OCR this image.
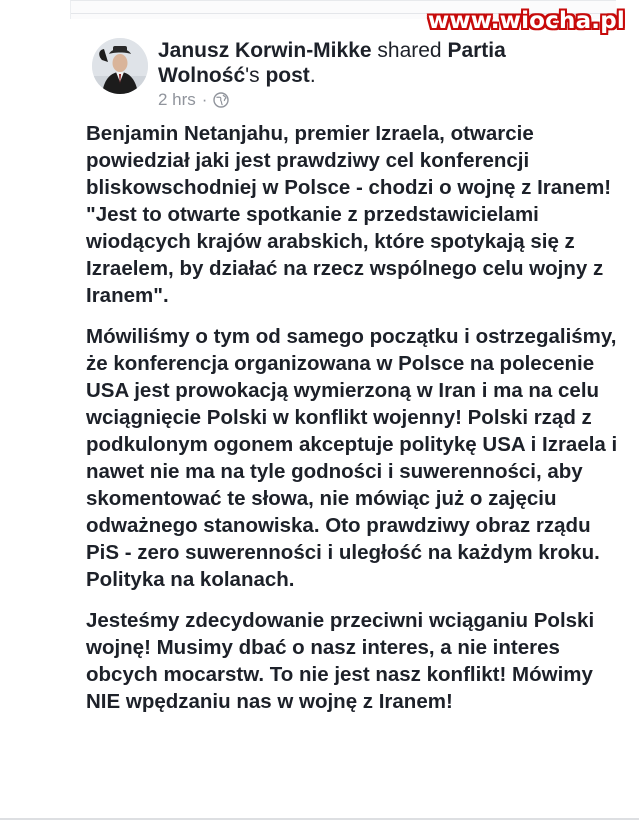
www.wiocha.pl
Janusz Korwin-Mikke shared Partia Wolność's post.
2 hrs ·

Benjamin Netanjahu, premier Izraela, otwarcie powiedział jaki jest prawdziwy cel konferencji bliskowschodniej w Polsce - chodzi o wojnę z Iranem! "Jest to otwarte spotkanie z przedstawicielami wiodących krajów arabskich, które spotykają się z Izraelem, by działać na rzecz wspólnego celu wojny z Iranem".

Mówiliśmy o tym od samego początku i ostrzegaliśmy, że konferencja organizowana w Polsce na polecenie USA jest prowokacją wymierzoną w Iran i ma na celu wciągnięcie Polski w konflikt wojenny! Polski rząd z podkulonym ogonem akceptuje politykę USA i Izraela i nawet nie ma na tyle godności i suwerenności, aby skomentować te słowa, nie mówiąc już o zajęciu odważnego stanowiska. Oto prawdziwy obraz rządu PiS - zero suwerenności i uległość na każdym kroku. Polityka na kolanach.

Jesteśmy zdecydowanie przeciwni wciąganiu Polski wojnę! Musimy dbać o nasz interes, a nie interes obcych mocarstw. To nie jest nasz konflikt! Mówimy NIE wpędzaniu nas w wojnę z Iranem!
